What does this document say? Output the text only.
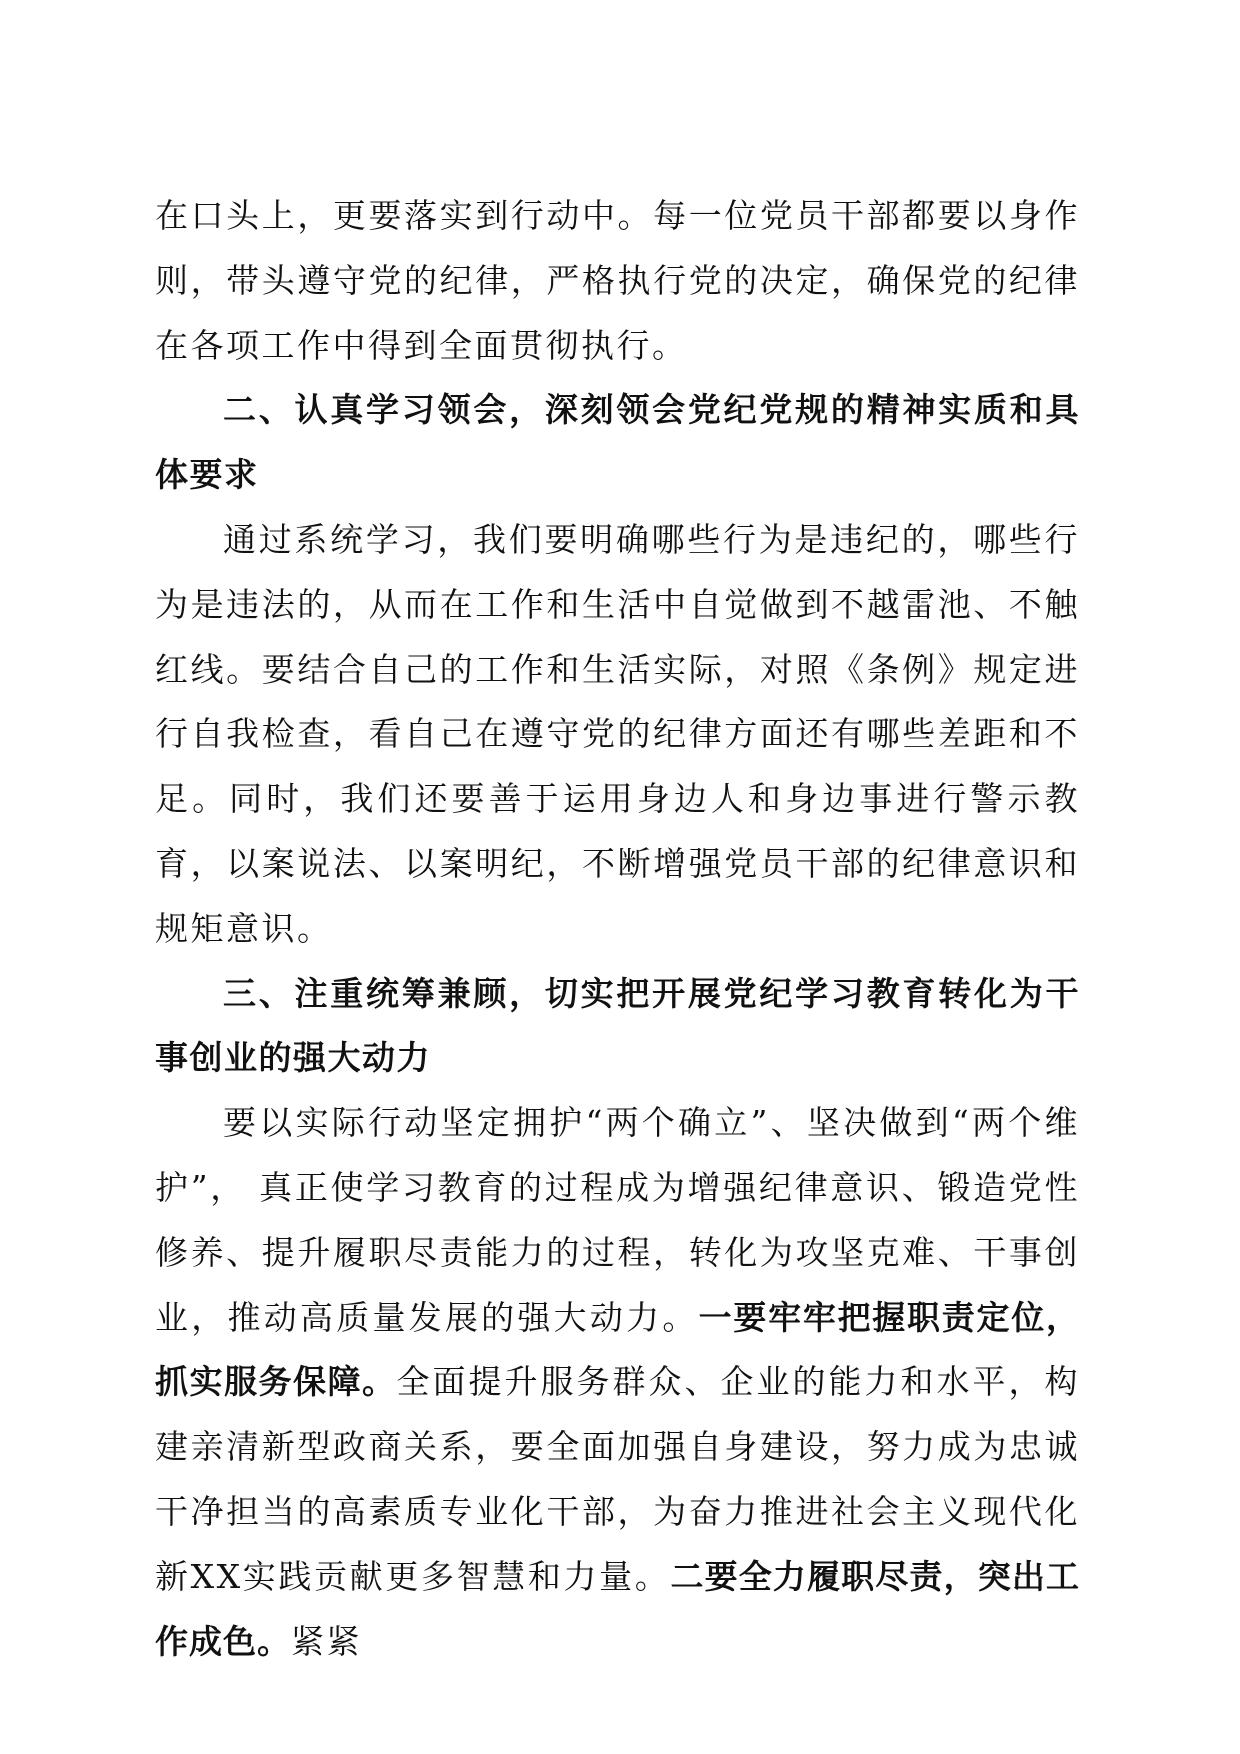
在口头上，更要落实到行动中。每一位党员干部都要以身作则，带头遵守党的纪律，严格执行党的决定，确保党的纪律在各项工作中得到全面贯彻执行。

二、认真学习领会，深刻领会党纪党规的精神实质和具体要求

通过系统学习，我们要明确哪些行为是违纪的，哪些行为是违法的，从而在工作和生活中自觉做到不越雷池、不触红线。要结合自己的工作和生活实际，对照《条例》规定进行自我检查，看自己在遵守党的纪律方面还有哪些差距和不足。同时，我们还要善于运用身边人和身边事进行警示教育，以案说法、以案明纪，不断增强党员干部的纪律意识和规矩意识。

三、注重统筹兼顾，切实把开展党纪学习教育转化为干事创业的强大动力

要以实际行动坚定拥护“两个确立”、坚决做到“两个维护”， 真正使学习教育的过程成为增强纪律意识、锻造党性修养、提升履职尽责能力的过程，转化为攻坚克难、干事创业，推动高质量发展的强大动力。一要牢牢把握职责定位，抓实服务保障。全面提升服务群众、企业的能力和水平，构建亲清新型政商关系，要全面加强自身建设，努力成为忠诚干净担当的高素质专业化干部，为奋力推进社会主义现代化新XX实践贡献更多智慧和力量。二要全力履职尽责，突出工作成色。紧紧
